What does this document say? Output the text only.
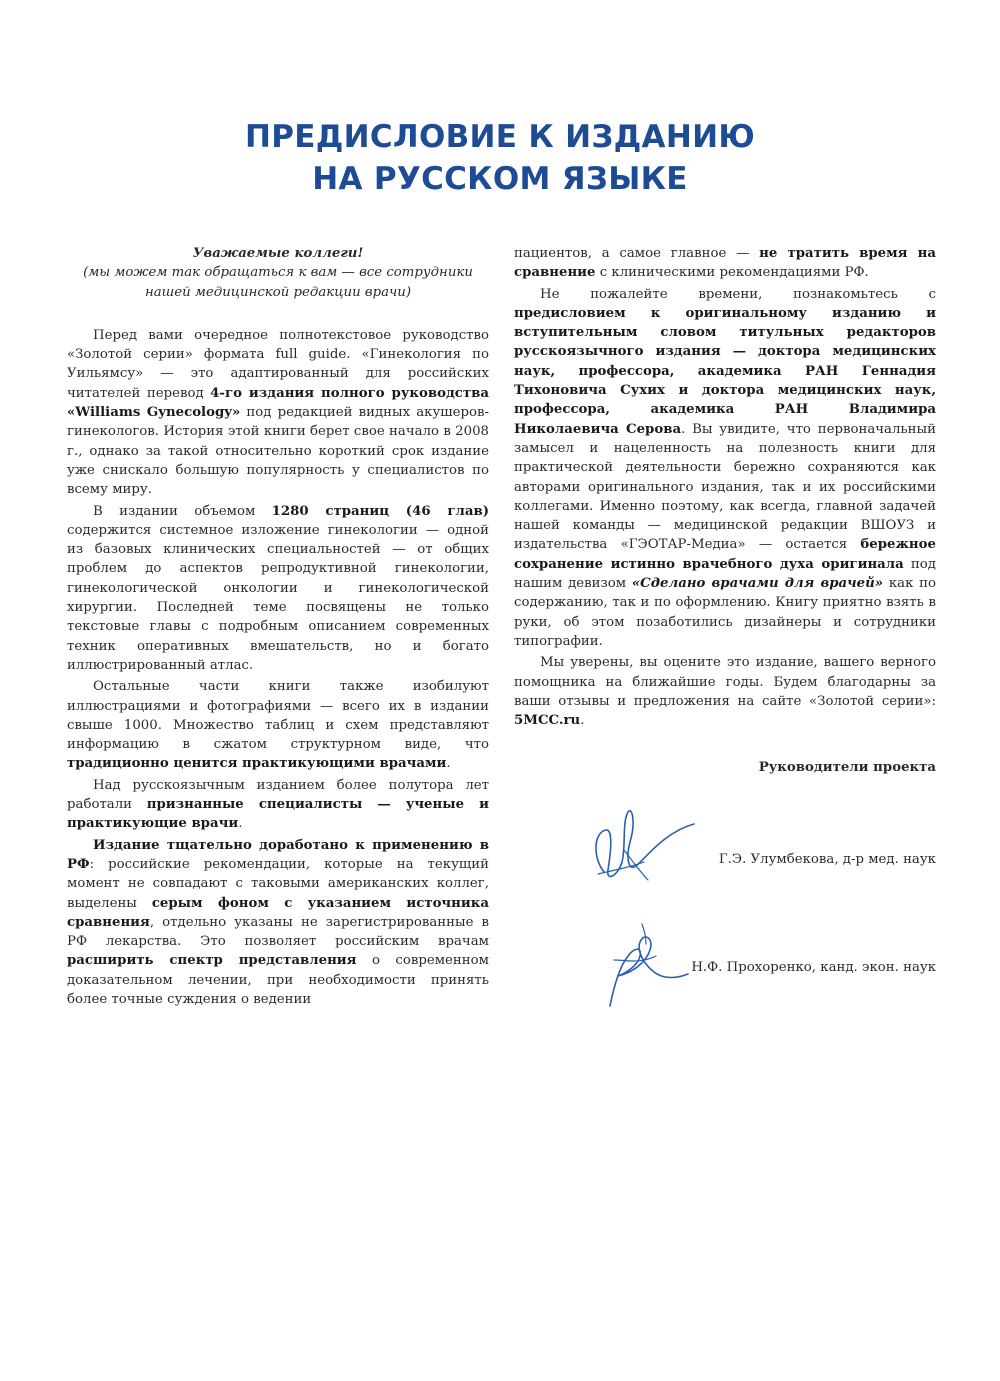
ПРЕДИСЛОВИЕ К ИЗДАНИЮ
НА РУССКОМ ЯЗЫКЕ
Уважаемые коллеги!
(мы можем так обращаться к вам — все сотрудники
нашей медицинской редакции врачи)

Перед вами очередное полнотекстовое руководство «Золотой серии» формата full guide. «Гинекология по Уильямсу» — это адаптированный для российских читателей перевод 4-го издания полного руководства «Williams Gynecology» под редакцией видных акушеров-гинекологов. История этой книги берет свое начало в 2008 г., однако за такой относительно короткий срок издание уже снискало большую популярность у специалистов по всему миру.

В издании объемом 1280 страниц (46 глав) содержится системное изложение гинекологии — одной из базовых клинических специальностей — от общих проблем до аспектов репродуктивной гинекологии, гинекологической онкологии и гинекологической хирургии. Последней теме посвящены не только текстовые главы с подробным описанием современных техник оперативных вмешательств, но и богато иллюстрированный атлас.

Остальные части книги также изобилуют иллюстрациями и фотографиями — всего их в издании свыше 1000. Множество таблиц и схем представляют информацию в сжатом структурном виде, что традиционно ценится практикующими врачами.

Над русскоязычным изданием более полутора лет работали признанные специалисты — ученые и практикующие врачи.

Издание тщательно доработано к применению в РФ: российские рекомендации, которые на текущий момент не совпадают с таковыми американских коллег, выделены серым фоном с указанием источника сравнения, отдельно указаны не зарегистрированные в РФ лекарства. Это позволяет российским врачам расширить спектр представления о современном доказательном лечении, при необходимости принять более точные суждения о ведении

пациентов, а самое главное — не тратить время на сравнение с клиническими рекомендациями РФ.

Не пожалейте времени, познакомьтесь с предисловием к оригинальному изданию и вступительным словом титульных редакторов русскоязычного издания — доктора медицинских наук, профессора, академика РАН Геннадия Тихоновича Сухих и доктора медицинских наук, профессора, академика РАН Владимира Николаевича Серова. Вы увидите, что первоначальный замысел и нацеленность на полезность книги для практической деятельности бережно сохраняются как авторами оригинального издания, так и их российскими коллегами. Именно поэтому, как всегда, главной задачей нашей команды — медицинской редакции ВШОУЗ и издательства «ГЭОТАР-Медиа» — остается бережное сохранение истинно врачебного духа оригинала под нашим девизом «Сделано врачами для врачей» как по содержанию, так и по оформлению. Книгу приятно взять в руки, об этом позаботились дизайнеры и сотрудники типографии.

Мы уверены, вы оцените это издание, вашего верного помощника на ближайшие годы. Будем благодарны за ваши отзывы и предложения на сайте «Золотой серии»: 5MCC.ru.

Руководители проекта
Г.Э. Улумбекова, д-р мед. наук
Н.Ф. Прохоренко, канд. экон. наук
